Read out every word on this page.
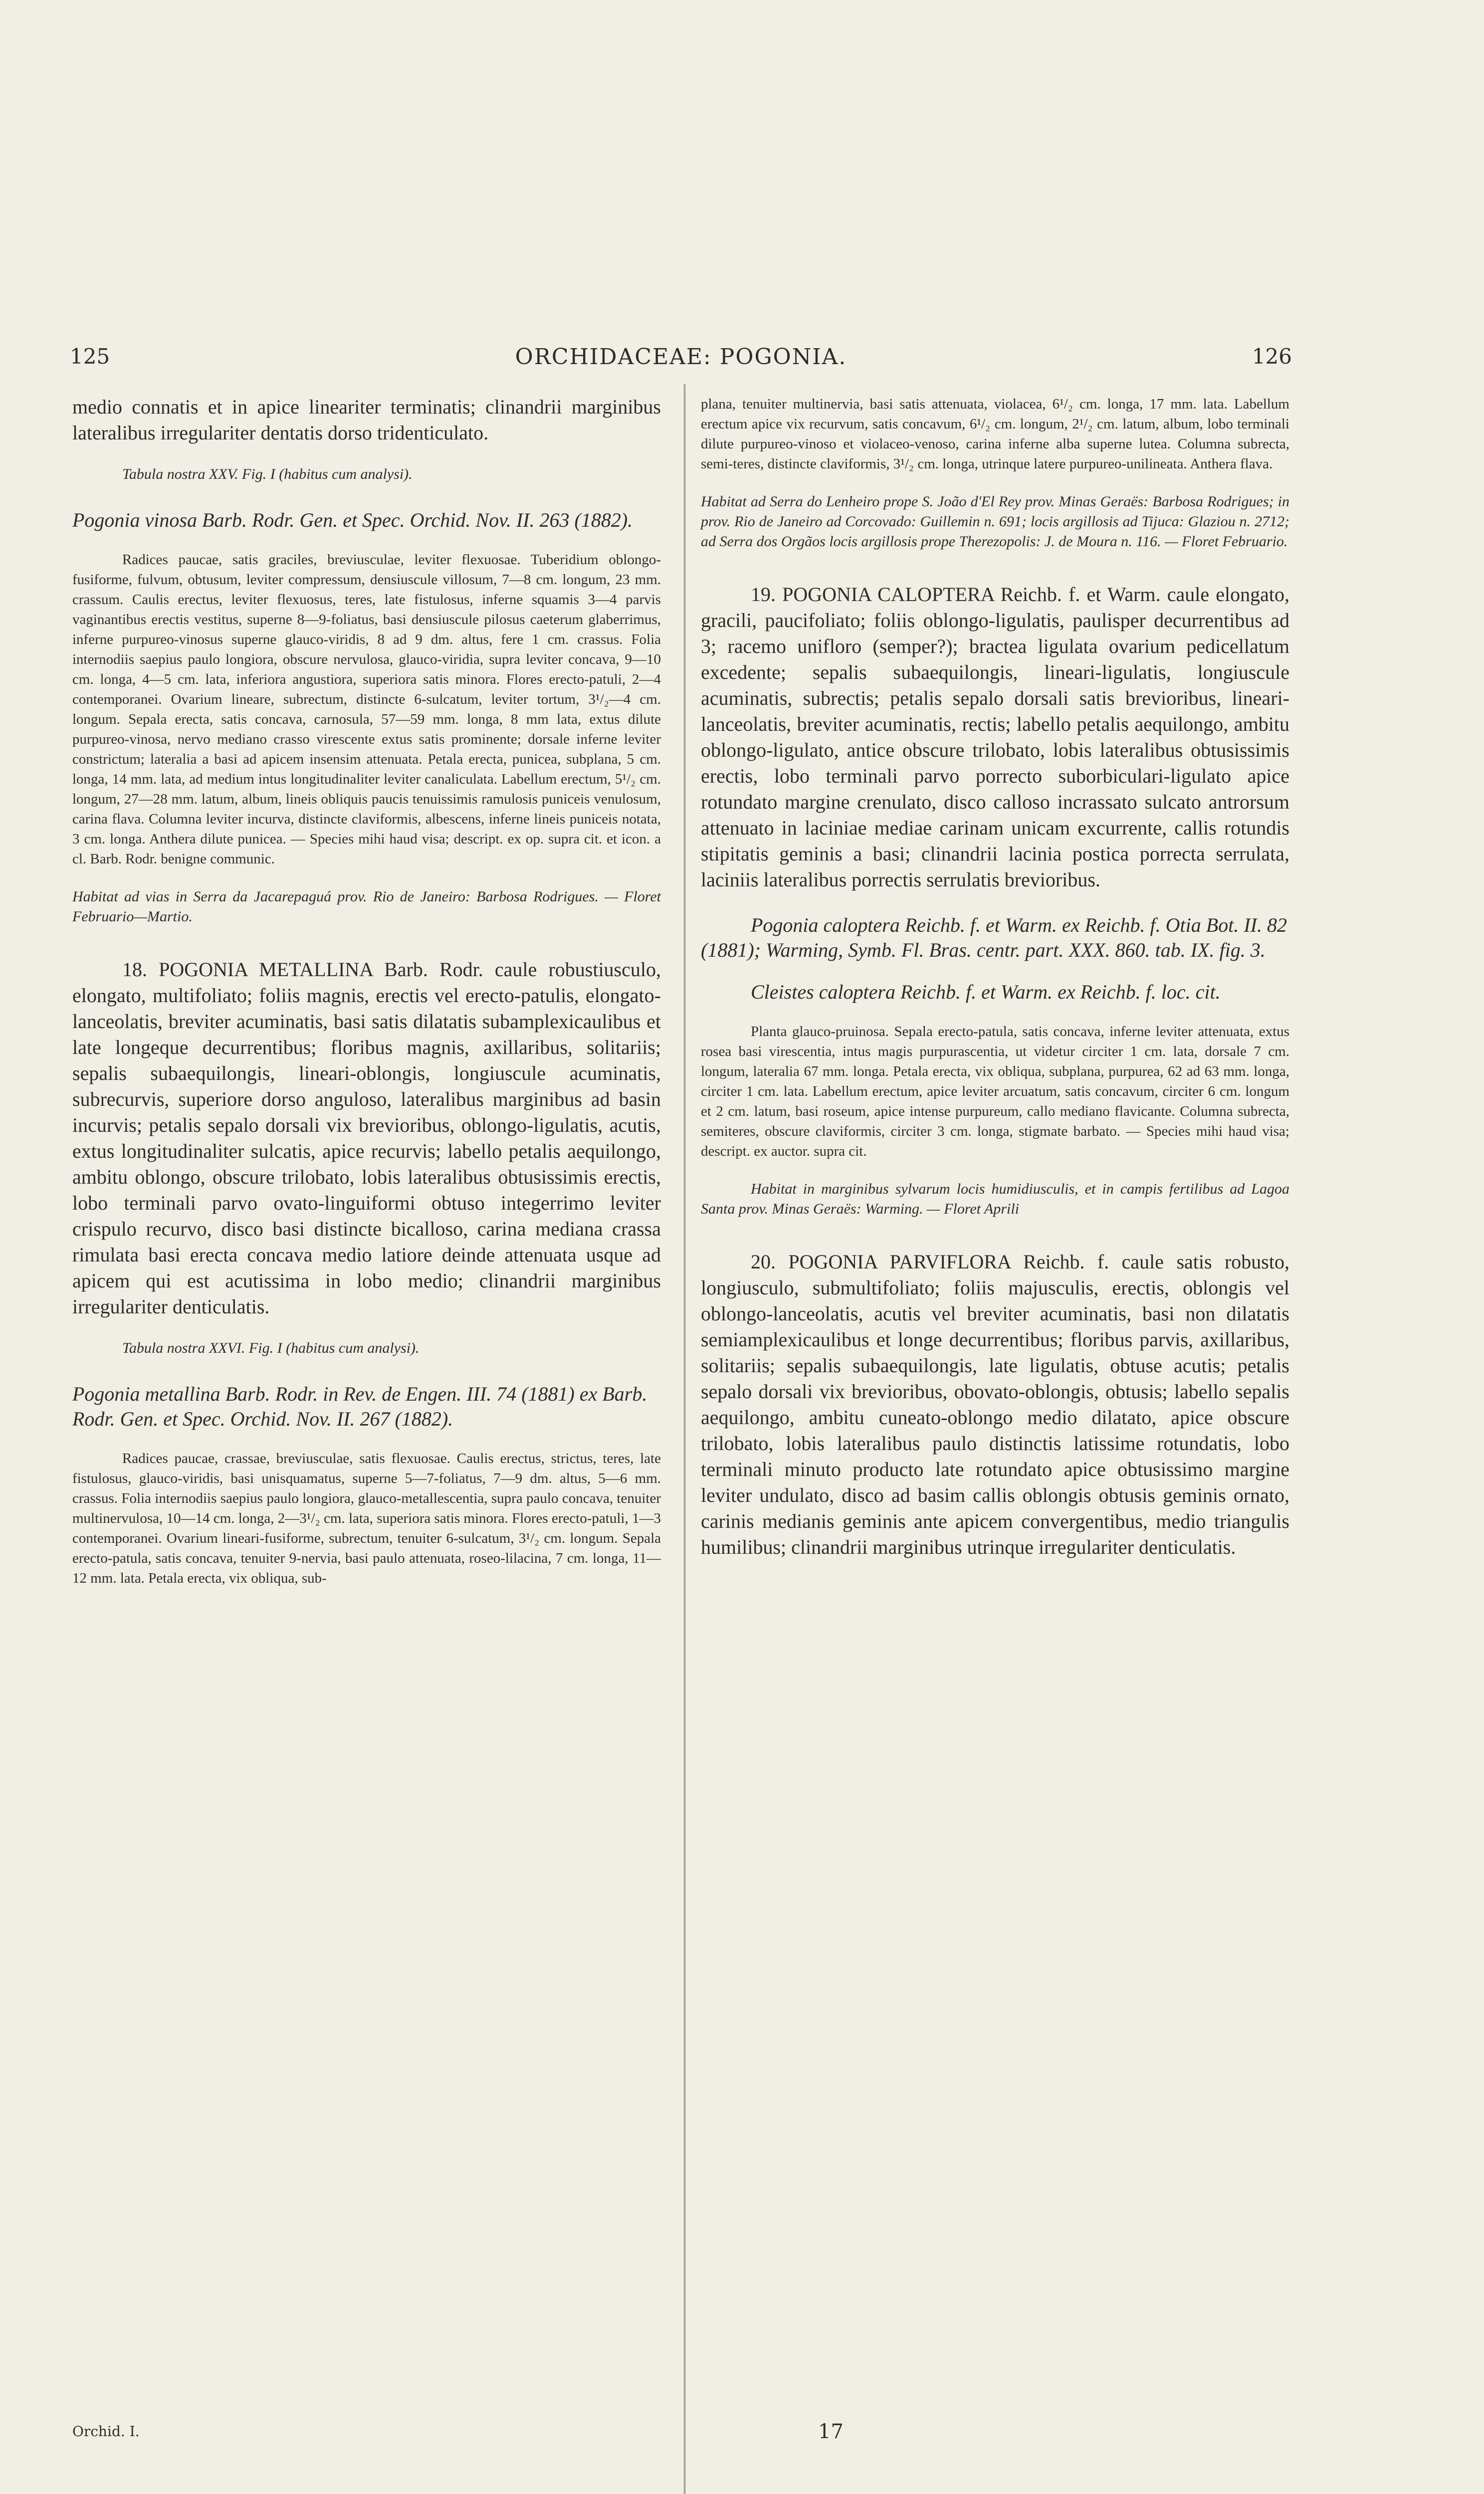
125	ORCHIDACEAE: POGONIA.	126

medio connatis et in apice lineariter terminatis; clinandrii marginibus lateralibus irregulariter dentatis dorso tridenticulato.

Tabula nostra XXV. Fig. I (habitus cum analysi).

Pogonia vinosa Barb. Rodr. Gen. et Spec. Orchid. Nov. II. 263 (1882).

Radices paucae, satis graciles, breviusculae, leviter flexuosae. Tuberidium oblongo-fusiforme, fulvum, obtusum, leviter compressum, densiuscule villosum, 7—8 cm. longum, 23 mm. crassum. Caulis erectus, leviter flexuosus, teres, late fistulosus, inferne squamis 3—4 parvis vaginantibus erectis vestitus, superne 8—9-foliatus, basi densiuscule pilosus caeterum glaberrimus, inferne purpureo-vinosus superne glauco-viridis, 8 ad 9 dm. altus, fere 1 cm. crassus. Folia internodiis saepius paulo longiora, obscure nervulosa, glauco-viridia, supra leviter concava, 9—10 cm. longa, 4—5 cm. lata, inferiora angustiora, superiora satis minora. Flores erecto-patuli, 2—4 contemporanei. Ovarium lineare, subrectum, distincte 6-sulcatum, leviter tortum, 3¹/₂—4 cm. longum. Sepala erecta, satis concava, carnosula, 57—59 mm. longa, 8 mm lata, extus dilute purpureo-vinosa, nervo mediano crasso virescente extus satis prominente; dorsale inferne leviter constrictum; lateralia a basi ad apicem insensim attenuata. Petala erecta, punicea, subplana, 5 cm. longa, 14 mm. lata, ad medium intus longitudinaliter leviter canaliculata. Labellum erectum, 5¹/₂ cm. longum, 27—28 mm. latum, album, lineis obliquis paucis tenuissimis ramulosis puniceis venulosum, carina flava. Columna leviter incurva, distincte claviformis, albescens, inferne lineis puniceis notata, 3 cm. longa. Anthera dilute punicea. — Species mihi haud visa; descript. ex op. supra cit. et icon. a cl. Barb. Rodr. benigne communic.

Habitat ad vias in Serra da Jacarepaguá prov. Rio de Janeiro: Barbosa Rodrigues. — Floret Februario—Martio.

18. POGONIA METALLINA Barb. Rodr. caule robustiusculo, elongato, multifoliato; foliis magnis, erectis vel erecto-patulis, elongato-lanceolatis, breviter acuminatis, basi satis dilatatis subamplexicaulibus et late longeque decurrentibus; floribus magnis, axillaribus, solitariis; sepalis subaequilongis, lineari-oblongis, longiuscule acuminatis, subrecurvis, superiore dorso anguloso, lateralibus marginibus ad basin incurvis; petalis sepalo dorsali vix brevioribus, oblongo-ligulatis, acutis, extus longitudinaliter sulcatis, apice recurvis; labello petalis aequilongo, ambitu oblongo, obscure trilobato, lobis lateralibus obtusissimis erectis, lobo terminali parvo ovato-linguiformi obtuso integerrimo leviter crispulo recurvo, disco basi distincte bicalloso, carina mediana crassa rimulata basi erecta concava medio latiore deinde attenuata usque ad apicem qui est acutissima in lobo medio; clinandrii marginibus irregulariter denticulatis.

Tabula nostra XXVI. Fig. I (habitus cum analysi).

Pogonia metallina Barb. Rodr. in Rev. de Engen. III. 74 (1881) ex Barb. Rodr. Gen. et Spec. Orchid. Nov. II. 267 (1882).

Radices paucae, crassae, breviusculae, satis flexuosae. Caulis erectus, strictus, teres, late fistulosus, glauco-viridis, basi unisquamatus, superne 5—7-foliatus, 7—9 dm. altus, 5—6 mm. crassus. Folia internodiis saepius paulo longiora, glauco-metallescentia, supra paulo concava, tenuiter multinervulosa, 10—14 cm. longa, 2—3¹/₂ cm. lata, superiora satis minora. Flores erecto-patuli, 1—3 contemporanei. Ovarium lineari-fusiforme, subrectum, tenuiter 6-sulcatum, 3¹/₂ cm. longum. Sepala erecto-patula, satis concava, tenuiter 9-nervia, basi paulo attenuata, roseo-lilacina, 7 cm. longa, 11—12 mm. lata. Petala erecta, vix obliqua, sub-

plana, tenuiter multinervia, basi satis attenuata, violacea, 6¹/₂ cm. longa, 17 mm. lata. Labellum erectum apice vix recurvum, satis concavum, 6¹/₂ cm. longum, 2¹/₂ cm. latum, album, lobo terminali dilute purpureo-vinoso et violaceo-venoso, carina inferne alba superne lutea. Columna subrecta, semi-teres, distincte claviformis, 3¹/₂ cm. longa, utrinque latere purpureo-unilineata. Anthera flava.

Habitat ad Serra do Lenheiro prope S. João d'El Rey prov. Minas Geraës: Barbosa Rodrigues; in prov. Rio de Janeiro ad Corcovado: Guillemin n. 691; locis argillosis ad Tijuca: Glaziou n. 2712; ad Serra dos Orgãos locis argillosis prope Therezopolis: J. de Moura n. 116. — Floret Februario.

19. POGONIA CALOPTERA Reichb. f. et Warm. caule elongato, gracili, paucifoliato; foliis oblongo-ligulatis, paulisper decurrentibus ad 3; racemo unifloro (semper?); bractea ligulata ovarium pedicellatum excedente; sepalis subaequilongis, lineari-ligulatis, longiuscule acuminatis, subrectis; petalis sepalo dorsali satis brevioribus, lineari-lanceolatis, breviter acuminatis, rectis; labello petalis aequilongo, ambitu oblongo-ligulato, antice obscure trilobato, lobis lateralibus obtusissimis erectis, lobo terminali parvo porrecto suborbiculari-ligulato apice rotundato margine crenulato, disco calloso incrassato sulcato antrorsum attenuato in laciniae mediae carinam unicam excurrente, callis rotundis stipitatis geminis a basi; clinandrii lacinia postica porrecta serrulata, laciniis lateralibus porrectis serrulatis brevioribus.

Pogonia caloptera Reichb. f. et Warm. ex Reichb. f. Otia Bot. II. 82 (1881); Warming, Symb. Fl. Bras. centr. part. XXX. 860. tab. IX. fig. 3.

Cleistes caloptera Reichb. f. et Warm. ex Reichb. f. loc. cit.

Planta glauco-pruinosa. Sepala erecto-patula, satis concava, inferne leviter attenuata, extus rosea basi virescentia, intus magis purpurascentia, ut videtur circiter 1 cm. lata, dorsale 7 cm. longum, lateralia 67 mm. longa. Petala erecta, vix obliqua, subplana, purpurea, 62 ad 63 mm. longa, circiter 1 cm. lata. Labellum erectum, apice leviter arcuatum, satis concavum, circiter 6 cm. longum et 2 cm. latum, basi roseum, apice intense purpureum, callo mediano flavicante. Columna subrecta, semiteres, obscure claviformis, circiter 3 cm. longa, stigmate barbato. — Species mihi haud visa; descript. ex auctor. supra cit.

Habitat in marginibus sylvarum locis humidiusculis, et in campis fertilibus ad Lagoa Santa prov. Minas Geraës: Warming. — Floret Aprili

20. POGONIA PARVIFLORA Reichb. f. caule satis robusto, longiusculo, submultifoliato; foliis majusculis, erectis, oblongis vel oblongo-lanceolatis, acutis vel breviter acuminatis, basi non dilatatis semiamplexicaulibus et longe decurrentibus; floribus parvis, axillaribus, solitariis; sepalis subaequilongis, late ligulatis, obtuse acutis; petalis sepalo dorsali vix brevioribus, obovato-oblongis, obtusis; labello sepalis aequilongo, ambitu cuneato-oblongo medio dilatato, apice obscure trilobato, lobis lateralibus paulo distinctis latissime rotundatis, lobo terminali minuto producto late rotundato apice obtusissimo margine leviter undulato, disco ad basim callis oblongis obtusis geminis ornato, carinis medianis geminis ante apicem convergentibus, medio triangulis humilibus; clinandrii marginibus utrinque irregulariter denticulatis.

Orchid. I.	17
